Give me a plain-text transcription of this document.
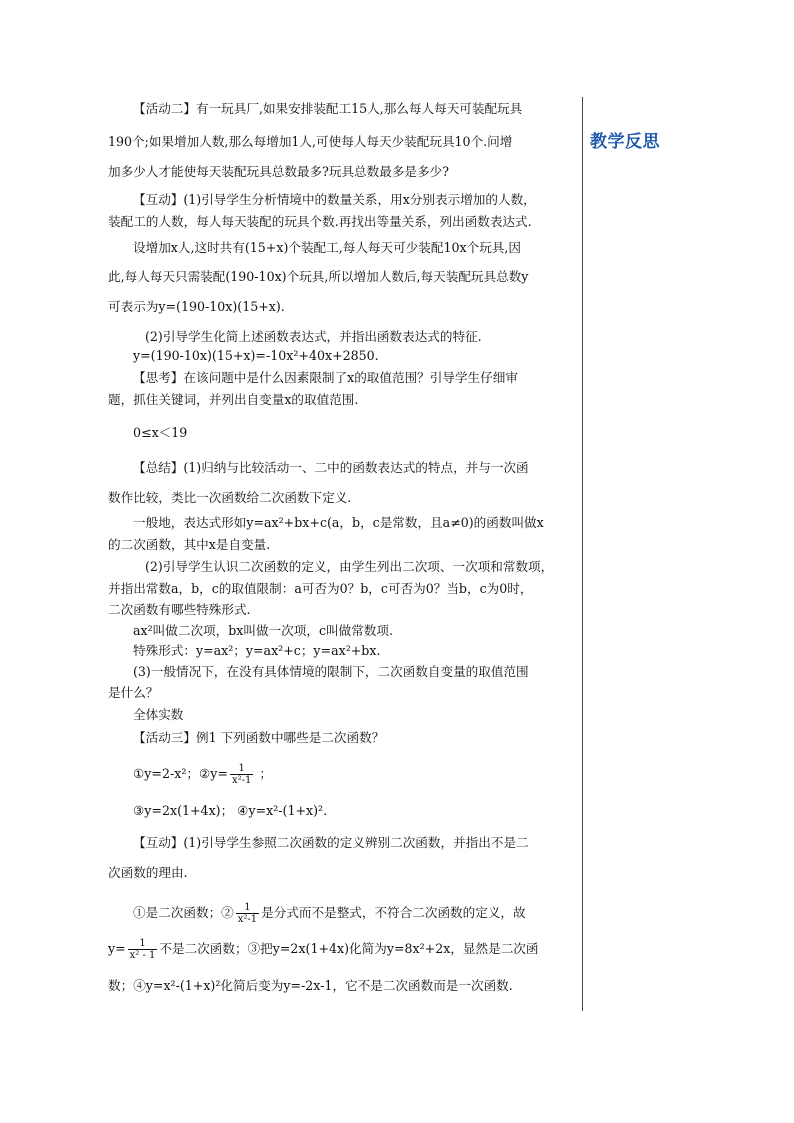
教学反思
【活动二】有一玩具厂,如果安排装配工15人,那么每人每天可装配玩具
190个;如果增加人数,那么每增加1人,可使每人每天少装配玩具10个.问增
加多少人才能使每天装配玩具总数最多?玩具总数最多是多少?
【互动】(1)引导学生分析情境中的数量关系，用x分别表示增加的人数，
装配工的人数，每人每天装配的玩具个数.再找出等量关系，列出函数表达式.
设增加x人,这时共有(15+x)个装配工,每人每天可少装配10x个玩具,因
此,每人每天只需装配(190-10x)个玩具,所以增加人数后,每天装配玩具总数y
可表示为y=(190-10x)(15+x).
(2)引导学生化简上述函数表达式，并指出函数表达式的特征.
y=(190-10x)(15+x)=-10x²+40x+2850.
【思考】在该问题中是什么因素限制了x的取值范围？引导学生仔细审
题，抓住关键词，并列出自变量x的取值范围.
0≤x＜19
【总结】(1)归纳与比较活动一、二中的函数表达式的特点，并与一次函
数作比较，类比一次函数给二次函数下定义.
一般地，表达式形如y=ax²+bx+c(a，b，c是常数，且a≠0)的函数叫做x
的二次函数，其中x是自变量.
(2)引导学生认识二次函数的定义，由学生列出二次项、一次项和常数项，
并指出常数a，b，c的取值限制：a可否为0？b，c可否为0？当b，c为0时，
二次函数有哪些特殊形式.
ax²叫做二次项，bx叫做一次项，c叫做常数项.
特殊形式：y=ax²；y=ax²+c；y=ax²+bx.
(3)一般情况下，在没有具体情境的限制下，二次函数自变量的取值范围
是什么？
全体实数
【活动三】例1 下列函数中哪些是二次函数？
③y=2x(1+4x)； ④y=x²-(1+x)².
【互动】(1)引导学生参照二次函数的定义辨别二次函数，并指出不是二
次函数的理由.
数；④y=x²-(1+x)²化简后变为y=-2x-1，它不是二次函数而是一次函数.
①y=2-x²；②y= $\frac{1}{\text{x²-1}}$ ；
①是二次函数；② $\frac{1}{\text{x²-1}}$ 是分式而不是整式，不符合二次函数的定义，故
$y= \frac{1}{\text{x² - 1}}$ 不是二次函数；③把y=2x(1+4x)化简为y=8x²+2x，显然是二次函
